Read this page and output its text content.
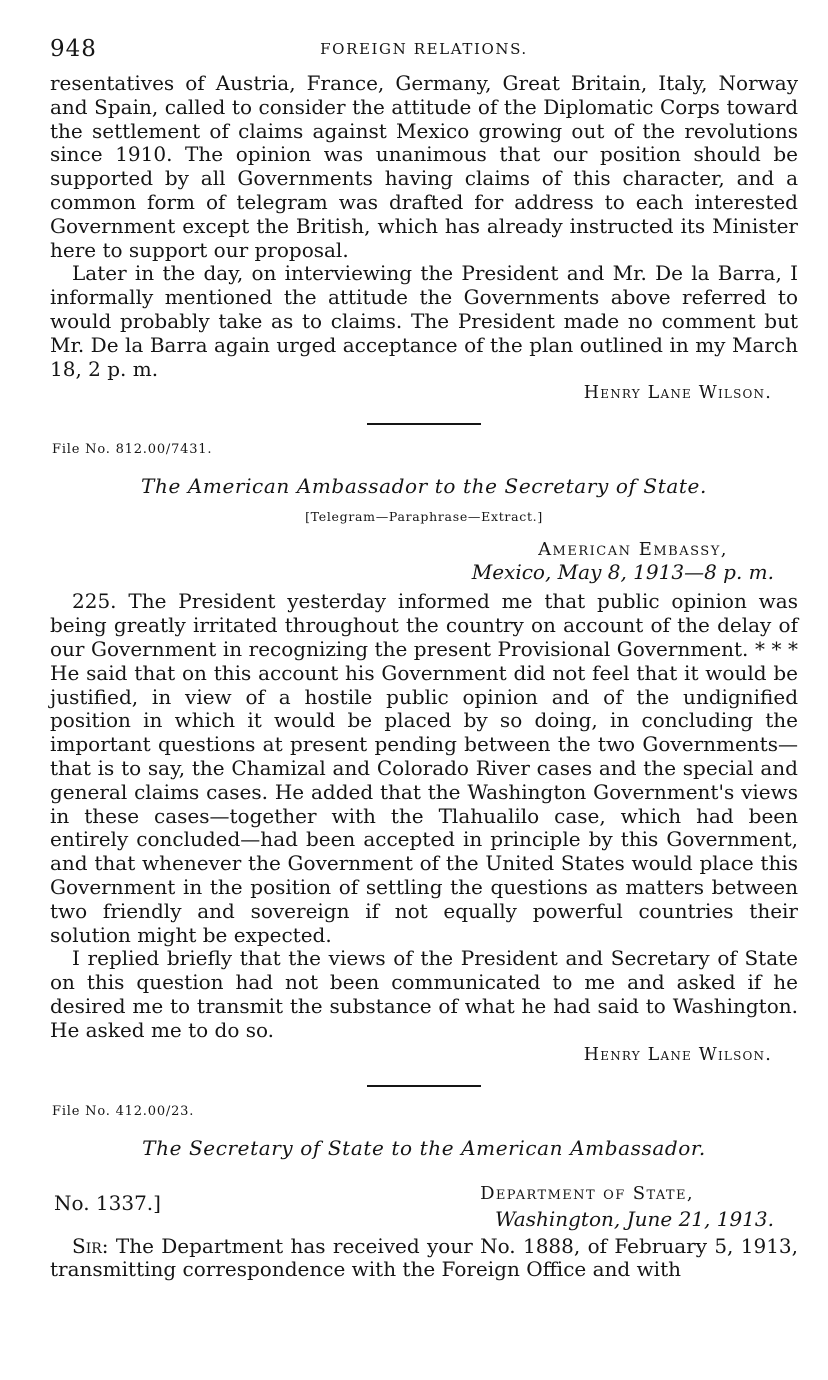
948	FOREIGN RELATIONS.

resentatives of Austria, France, Germany, Great Britain, Italy, Norway and Spain, called to consider the attitude of the Diplomatic Corps toward the settlement of claims against Mexico growing out of the revolutions since 1910. The opinion was unanimous that our position should be supported by all Governments having claims of this character, and a common form of telegram was drafted for address to each interested Government except the British, which has already instructed its Minister here to support our proposal.

Later in the day, on interviewing the President and Mr. De la Barra, I informally mentioned the attitude the Governments above referred to would probably take as to claims. The President made no comment but Mr. De la Barra again urged acceptance of the plan outlined in my March 18, 2 p. m.

Henry Lane Wilson.
File No. 812.00/7431.
The American Ambassador to the Secretary of State.
[Telegram—Paraphrase—Extract.]
American Embassy,
Mexico, May 8, 1913—8 p. m.

225. The President yesterday informed me that public opinion was being greatly irritated throughout the country on account of the delay of our Government in recognizing the present Provisional Government. * * * He said that on this account his Government did not feel that it would be justified, in view of a hostile public opinion and of the undignified position in which it would be placed by so doing, in concluding the important questions at present pending between the two Governments—that is to say, the Chamizal and Colorado River cases and the special and general claims cases. He added that the Washington Government's views in these cases—together with the Tlahualilo case, which had been entirely concluded—had been accepted in principle by this Government, and that whenever the Government of the United States would place this Government in the position of settling the questions as matters between two friendly and sovereign if not equally powerful countries their solution might be expected.

I replied briefly that the views of the President and Secretary of State on this question had not been communicated to me and asked if he desired me to transmit the substance of what he had said to Washington. He asked me to do so.

Henry Lane Wilson.
File No. 412.00/23.
The Secretary of State to the American Ambassador.
No. 1337.]	Department of State,
Washington, June 21, 1913.

Sir: The Department has received your No. 1888, of February 5, 1913, transmitting correspondence with the Foreign Office and with
